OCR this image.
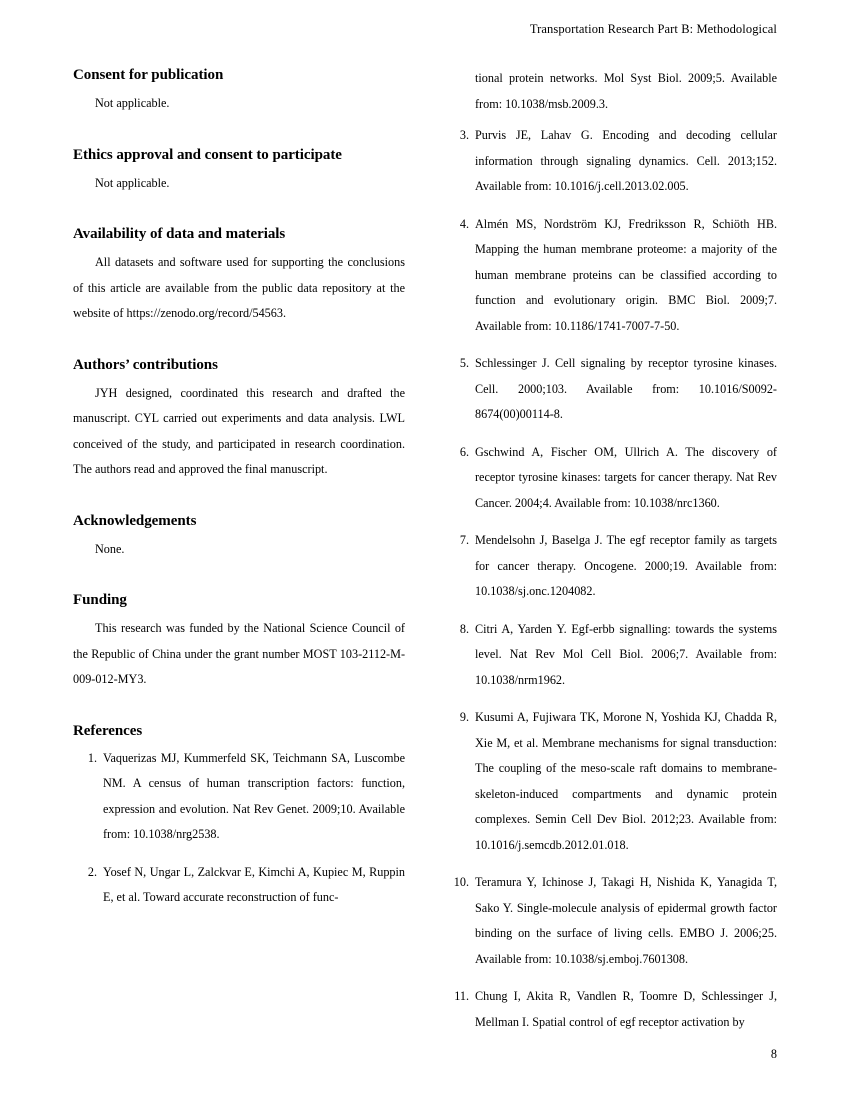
Transportation Research Part B: Methodological
Consent for publication

Not applicable.

Ethics approval and consent to participate

Not applicable.

Availability of data and materials

All datasets and software used for supporting the conclusions of this article are available from the public data repository at the website of https://zenodo.org/record/54563.

Authors’ contributions

JYH designed, coordinated this research and drafted the manuscript. CYL carried out experiments and data analysis. LWL conceived of the study, and participated in research coordination. The authors read and approved the final manuscript.

Acknowledgements

None.

Funding

This research was funded by the National Science Council of the Republic of China under the grant number MOST 103-2112-M-009-012-MY3.

References
1. Vaquerizas MJ, Kummerfeld SK, Teichmann SA, Luscombe NM. A census of human transcription factors: function, expression and evolution. Nat Rev Genet. 2009;10. Available from: 10.1038/nrg2538.
2. Yosef N, Ungar L, Zalckvar E, Kimchi A, Kupiec M, Ruppin E, et al. Toward accurate reconstruction of func-

tional protein networks. Mol Syst Biol. 2009;5. Available from: 10.1038/msb.2009.3.

3. Purvis JE, Lahav G. Encoding and decoding cellular information through signaling dynamics. Cell. 2013;152. Available from: 10.1016/j.cell.2013.02.005.
4. Almén MS, Nordström KJ, Fredriksson R, Schiöth HB. Mapping the human membrane proteome: a majority of the human membrane proteins can be classified according to function and evolutionary origin. BMC Biol. 2009;7. Available from: 10.1186/1741-7007-7-50.
5. Schlessinger J. Cell signaling by receptor tyrosine kinases. Cell. 2000;103. Available from: 10.1016/S0092-8674(00)00114-8.
6. Gschwind A, Fischer OM, Ullrich A. The discovery of receptor tyrosine kinases: targets for cancer therapy. Nat Rev Cancer. 2004;4. Available from: 10.1038/nrc1360.
7. Mendelsohn J, Baselga J. The egf receptor family as targets for cancer therapy. Oncogene. 2000;19. Available from: 10.1038/sj.onc.1204082.
8. Citri A, Yarden Y. Egf-erbb signalling: towards the systems level. Nat Rev Mol Cell Biol. 2006;7. Available from: 10.1038/nrm1962.
9. Kusumi A, Fujiwara TK, Morone N, Yoshida KJ, Chadda R, Xie M, et al. Membrane mechanisms for signal transduction: The coupling of the meso-scale raft domains to membrane-skeleton-induced compartments and dynamic protein complexes. Semin Cell Dev Biol. 2012;23. Available from: 10.1016/j.semcdb.2012.01.018.
10. Teramura Y, Ichinose J, Takagi H, Nishida K, Yanagida T, Sako Y. Single-molecule analysis of epidermal growth factor binding on the surface of living cells. EMBO J. 2006;25. Available from: 10.1038/sj.emboj.7601308.
11. Chung I, Akita R, Vandlen R, Toomre D, Schlessinger J, Mellman I. Spatial control of egf receptor activation by
8
